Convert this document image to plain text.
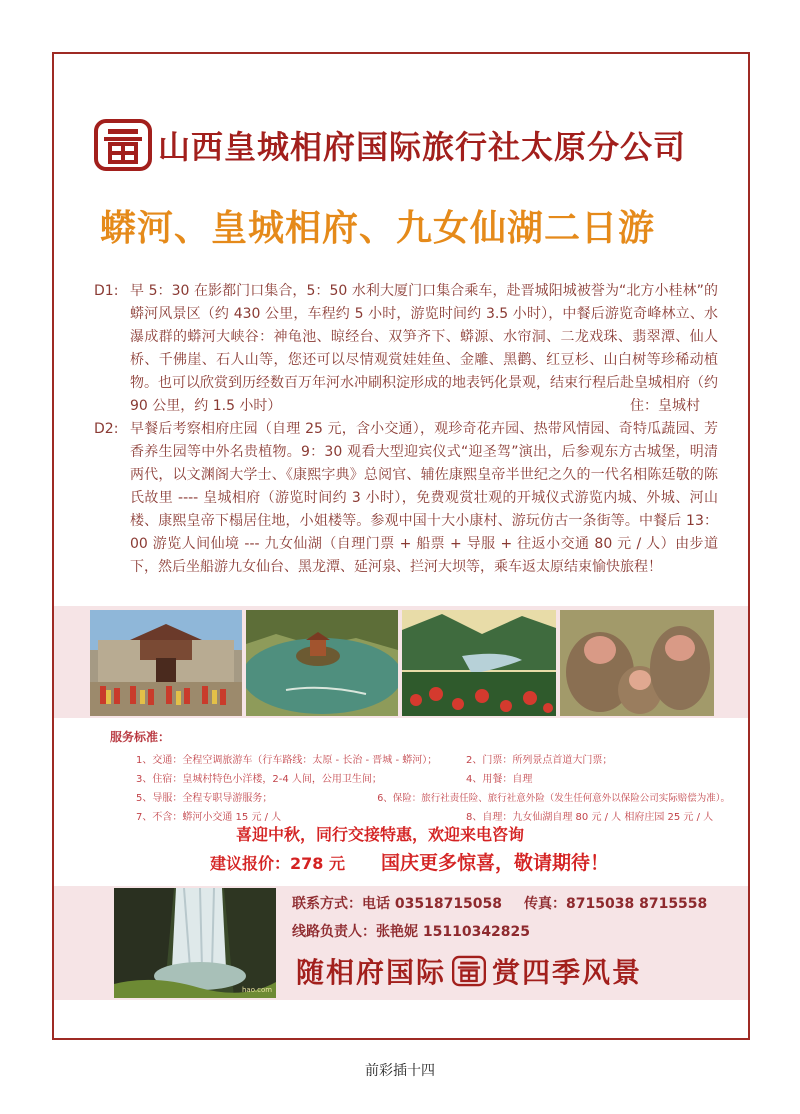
山西皇城相府国际旅行社太原分公司
蟒河、皇城相府、九女仙湖二日游
D1: 早 5：30 在影都门口集合，5：50 水利大厦门口集合乘车，赴晋城阳城被誉为“北方小桂林”的蟒河风景区（约 430 公里，车程约 5 小时，游览时间约 3.5 小时），中餐后游览奇峰林立、水瀑成群的蟒河大峡谷：神龟池、晾经台、双笋齐下、蟒源、水帘洞、二龙戏珠、翡翠潭、仙人桥、千佛崖、石人山等，您还可以尽情观赏娃娃鱼、金雕、黑鹳、红豆杉、山白树等珍稀动植物。也可以欣赏到历经数百万年河水冲刷积淀形成的地表钙化景观，结束行程后赴皇城相府（约 90 公里，约 1.5 小时）	住：皇城村
D2: 早餐后考察相府庄园（自理 25 元，含小交通），观珍奇花卉园、热带风情园、奇特瓜蔬园、芳香养生园等中外名贵植物。9：30 观看大型迎宾仪式“迎圣驾”演出，后参观东方古城堡，明清两代，以文渊阁大学士、《康熙字典》总阅官、辅佐康熙皇帝半世纪之久的一代名相陈廷敬的陈氏故里 ---- 皇城相府（游览时间约 3 小时），免费观赏壮观的开城仪式游览内城、外城、河山楼、康熙皇帝下榻居住地，小姐楼等。参观中国十大小康村、游玩仿古一条街等。中餐后 13：00 游览人间仙境 --- 九女仙湖（自理门票 + 船票 + 导服 + 往返小交通 80 元 / 人）由步道下，然后坐船游九女仙台、黑龙潭、延河泉、拦河大坝等，乘车返太原结束愉快旅程！
服务标准：
1、交通：全程空调旅游车（行车路线：太原 - 长治 - 晋城 - 蟒河）；	2、门票：所列景点首道大门票；
3、住宿：皇城村特色小洋楼，2-4 人间，公用卫生间；	4、用餐：自理
5、导服：全程专职导游服务；	6、保险：旅行社责任险、旅行社意外险（发生任何意外以保险公司实际赔偿为准）。
7、不含：蟒河小交通 15 元 / 人	8、自理：九女仙湖自理 80 元 / 人 相府庄园 25 元 / 人
喜迎中秋，同行交接特惠，欢迎来电咨询
建议报价：278 元 国庆更多惊喜，敬请期待！
hao.com
联系方式：电话 03518715058 传真：8715038 8715558
线路负责人：张艳妮 15110342825
随相府国际 赏四季风景
前彩插十四
